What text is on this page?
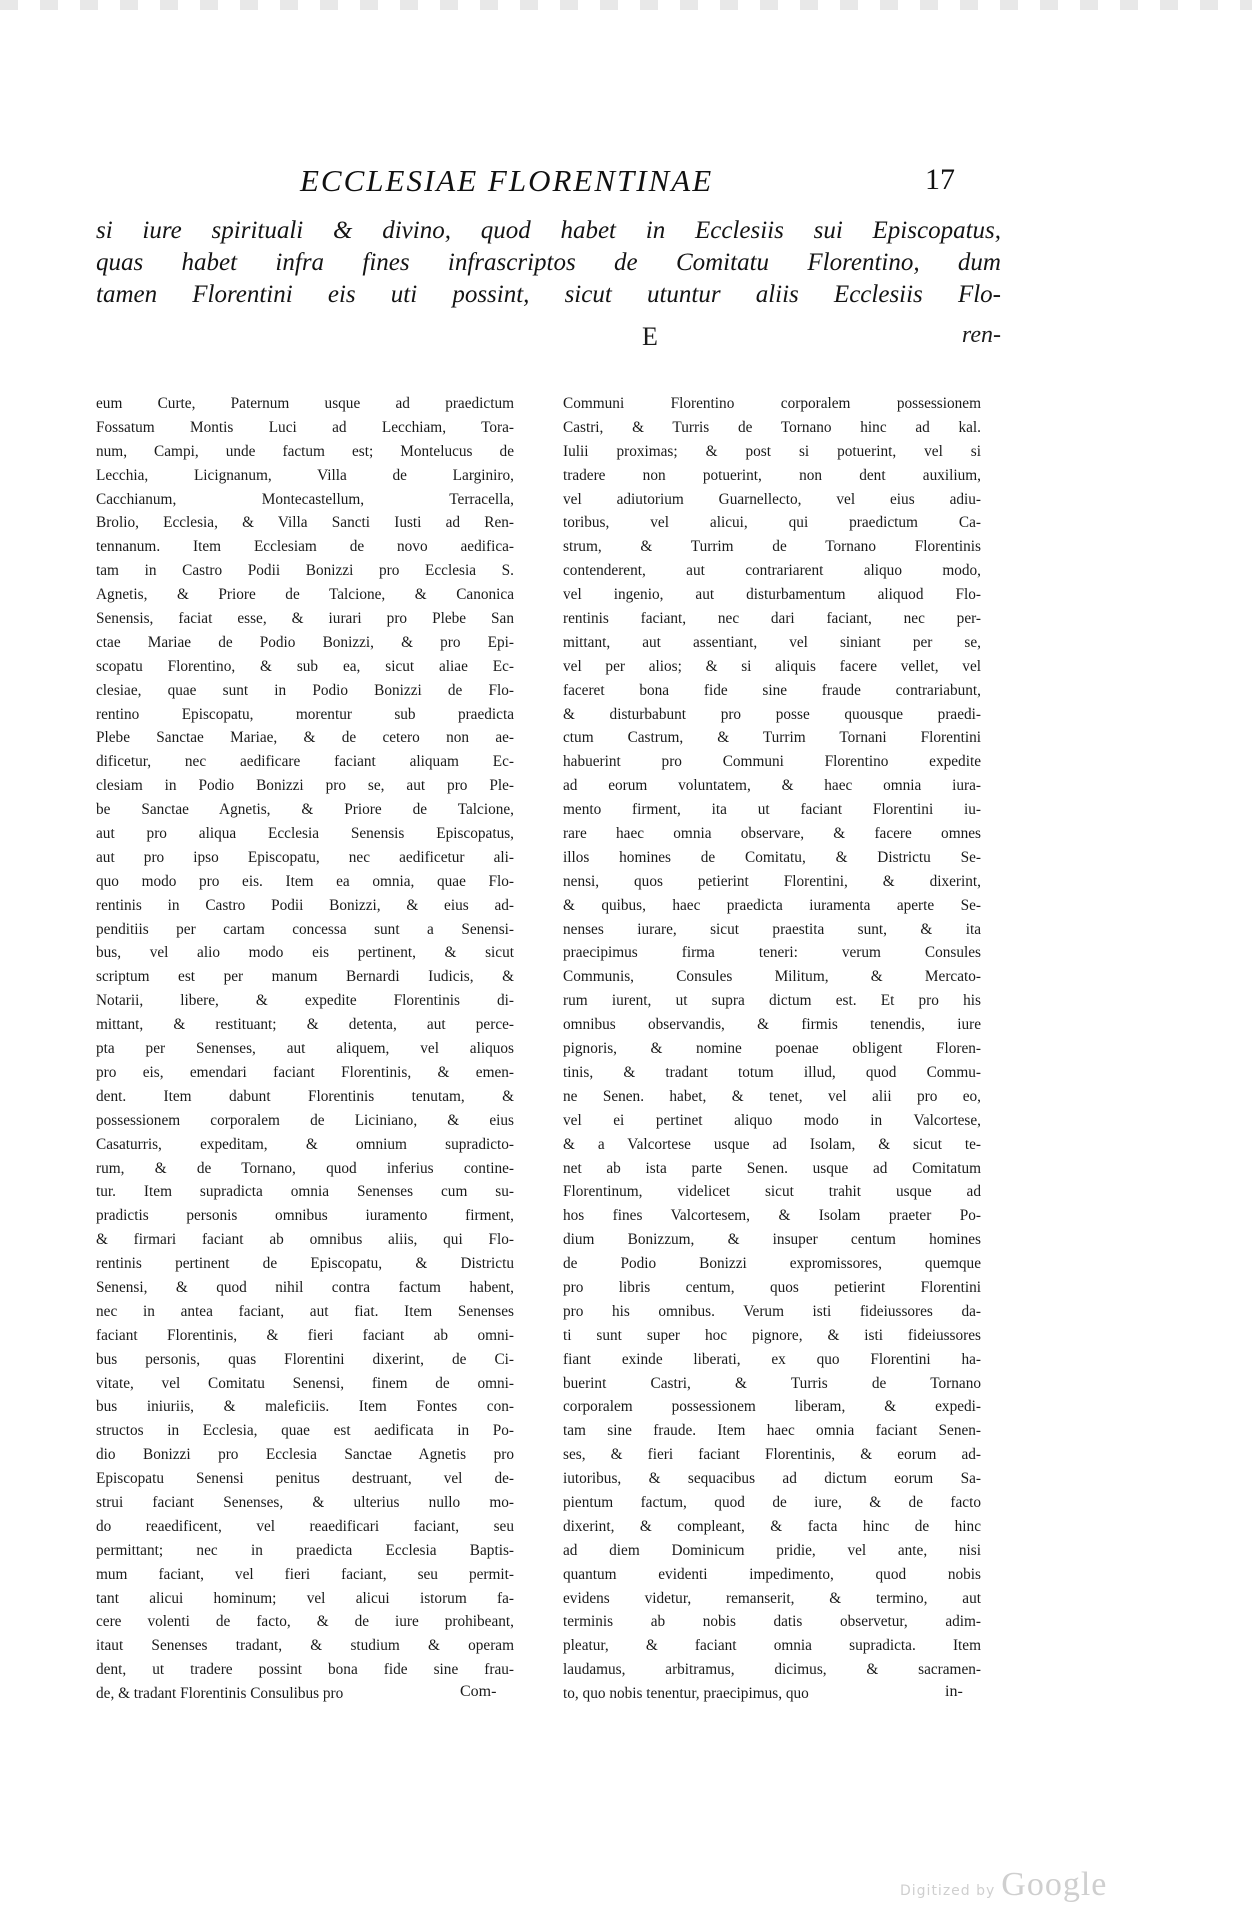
ECCLESIAE FLORENTINAE	17
si iure spirituali & divino, quod habet in Ecclesiis sui Episcopatus,
quas habet infra fines infrascriptos de Comitatu Florentino, dum
tamen Florentini eis uti possint, sicut utuntur aliis Ecclesiis Flo-
E	ren-
eum Curte, Paternum usque ad praedictum
Fossatum Montis Luci ad Lecchiam, Tora-
num, Campi, unde factum est; Montelucus de
Lecchia, Licignanum, Villa de Larginiro,
Cacchianum, Montecastellum, Terracella,
Brolio, Ecclesia, & Villa Sancti Iusti ad Ren-
tennanum. Item Ecclesiam de novo aedifica-
tam in Castro Podii Bonizzi pro Ecclesia S.
Agnetis, & Priore de Talcione, & Canonica
Senensis, faciat esse, & iurari pro Plebe San
ctae Mariae de Podio Bonizzi, & pro Epi-
scopatu Florentino, & sub ea, sicut aliae Ec-
clesiae, quae sunt in Podio Bonizzi de Flo-
rentino Episcopatu, morentur sub praedicta
Plebe Sanctae Mariae, & de cetero non ae-
dificetur, nec aedificare faciant aliquam Ec-
clesiam in Podio Bonizzi pro se, aut pro Ple-
be Sanctae Agnetis, & Priore de Talcione,
aut pro aliqua Ecclesia Senensis Episcopatus,
aut pro ipso Episcopatu, nec aedificetur ali-
quo modo pro eis. Item ea omnia, quae Flo-
rentinis in Castro Podii Bonizzi, & eius ad-
penditiis per cartam concessa sunt a Senensi-
bus, vel alio modo eis pertinent, & sicut
scriptum est per manum Bernardi Iudicis, &
Notarii, libere, & expedite Florentinis di-
mittant, & restituant; & detenta, aut perce-
pta per Senenses, aut aliquem, vel aliquos
pro eis, emendari faciant Florentinis, & emen-
dent. Item dabunt Florentinis tenutam, &
possessionem corporalem de Liciniano, & eius
Casaturris, expeditam, & omnium supradicto-
rum, & de Tornano, quod inferius contine-
tur. Item supradicta omnia Senenses cum su-
pradictis personis omnibus iuramento firment,
& firmari faciant ab omnibus aliis, qui Flo-
rentinis pertinent de Episcopatu, & Districtu
Senensi, & quod nihil contra factum habent,
nec in antea faciant, aut fiat. Item Senenses
faciant Florentinis, & fieri faciant ab omni-
bus personis, quas Florentini dixerint, de Ci-
vitate, vel Comitatu Senensi, finem de omni-
bus iniuriis, & maleficiis. Item Fontes con-
structos in Ecclesia, quae est aedificata in Po-
dio Bonizzi pro Ecclesia Sanctae Agnetis pro
Episcopatu Senensi penitus destruant, vel de-
strui faciant Senenses, & ulterius nullo mo-
do reaedificent, vel reaedificari faciant, seu
permittant; nec in praedicta Ecclesia Baptis-
mum faciant, vel fieri faciant, seu permit-
tant alicui hominum; vel alicui istorum fa-
cere volenti de facto, & de iure prohibeant,
itaut Senenses tradant, & studium & operam
dent, ut tradere possint bona fide sine frau-
de, & tradant Florentinis Consulibus pro
Communi Florentino corporalem possessionem
Castri, & Turris de Tornano hinc ad kal.
Iulii proximas; & post si potuerint, vel si
tradere non potuerint, non dent auxilium,
vel adiutorium Guarnellecto, vel eius adiu-
toribus, vel alicui, qui praedictum Ca-
strum, & Turrim de Tornano Florentinis
contenderent, aut contrariarent aliquo modo,
vel ingenio, aut disturbamentum aliquod Flo-
rentinis faciant, nec dari faciant, nec per-
mittant, aut assentiant, vel siniant per se,
vel per alios; & si aliquis facere vellet, vel
faceret bona fide sine fraude contrariabunt,
& disturbabunt pro posse quousque praedi-
ctum Castrum, & Turrim Tornani Florentini
habuerint pro Communi Florentino expedite
ad eorum voluntatem, & haec omnia iura-
mento firment, ita ut faciant Florentini iu-
rare haec omnia observare, & facere omnes
illos homines de Comitatu, & Districtu Se-
nensi, quos petierint Florentini, & dixerint,
& quibus, haec praedicta iuramenta aperte Se-
nenses iurare, sicut praestita sunt, & ita
praecipimus firma teneri: verum Consules
Communis, Consules Militum, & Mercato-
rum iurent, ut supra dictum est. Et pro his
omnibus observandis, & firmis tenendis, iure
pignoris, & nomine poenae obligent Floren-
tinis, & tradant totum illud, quod Commu-
ne Senen. habet, & tenet, vel alii pro eo,
vel ei pertinet aliquo modo in Valcortese,
& a Valcortese usque ad Isolam, & sicut te-
net ab ista parte Senen. usque ad Comitatum
Florentinum, videlicet sicut trahit usque ad
hos fines Valcortesem, & Isolam praeter Po-
dium Bonizzum, & insuper centum homines
de Podio Bonizzi expromissores, quemque
pro libris centum, quos petierint Florentini
pro his omnibus. Verum isti fideiussores da-
ti sunt super hoc pignore, & isti fideiussores
fiant exinde liberati, ex quo Florentini ha-
buerint Castri, & Turris de Tornano
corporalem possessionem liberam, & expedi-
tam sine fraude. Item haec omnia faciant Senen-
ses, & fieri faciant Florentinis, & eorum ad-
iutoribus, & sequacibus ad dictum eorum Sa-
pientum factum, quod de iure, & de facto
dixerint, & compleant, & facta hinc de hinc
ad diem Dominicum pridie, vel ante, nisi
quantum evidenti impedimento, quod nobis
evidens videtur, remanserit, & termino, aut
terminis ab nobis datis observetur, adim-
pleatur, & faciant omnia supradicta. Item
laudamus, arbitramus, dicimus, & sacramen-
to, quo nobis tenentur, praecipimus, quo
Com-	in-
Digitized by Google
